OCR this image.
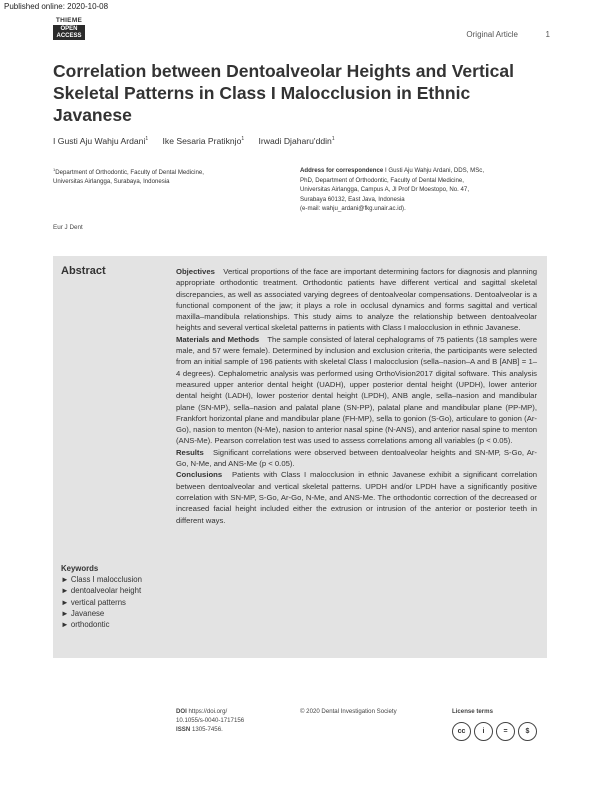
Published online: 2020-10-08
THIEME
OPEN
ACCESS	Original Article	1
Correlation between Dentoalveolar Heights and Vertical Skeletal Patterns in Class I Malocclusion in Ethnic Javanese
I Gusti Aju Wahju Ardani$^1$ Ike Sesaria Pratiknjo$^1$ Irwadi Djaharu'ddin$^1$
$^1$Department of Orthodontic, Faculty of Dental Medicine,
Universitas Airlangga, Surabaya, Indonesia
Address for correspondence I Gusti Aju Wahju Ardani, DDS, MSc,
PhD, Department of Orthodontic, Faculty of Dental Medicine,
Universitas Airlangga, Campus A, Jl Prof Dr Moestopo, No. 47,
Surabaya 60132, East Java, Indonesia
(e-mail: wahju_ardani@fkg.unair.ac.id).
Eur J Dent
Abstract
Keywords
► Class I malocclusion
► dentoalveolar height
► vertical patterns
► Javanese
► orthodontic

Objectives Vertical proportions of the face are important determining factors for diagnosis and planning appropriate orthodontic treatment. Orthodontic patients have different vertical and sagittal skeletal discrepancies, as well as associated varying degrees of dentoalveolar compensations. Dentoalveolar is a functional component of the jaw; it plays a role in occlusal dynamics and forms sagittal and vertical maxilla–mandibula relationships. This study aims to analyze the relationship between dentoalveolar heights and several vertical skeletal patterns in patients with Class I malocclusion in ethnic Javanese.

Materials and Methods The sample consisted of lateral cephalograms of 75 patients (18 samples were male, and 57 were female). Determined by inclusion and exclusion criteria, the participants were selected from an initial sample of 196 patients with skeletal Class I malocclusion (sella–nasion–A and B [ANB] = 1–4 degrees). Cephalometric analysis was performed using OrthoVision2017 digital software. This analysis measured upper anterior dental height (UADH), upper posterior dental height (UPDH), lower anterior dental height (LADH), lower posterior dental height (LPDH), ANB angle, sella–nasion and mandibular plane (SN-MP), sella–nasion and palatal plane (SN-PP), palatal plane and mandibular plane (PP-MP), Frankfort horizontal plane and mandibular plane (FH-MP), sella to gonion (S-Go), articulare to gonion (Ar-Go), nasion to menton (N-Me), nasion to anterior nasal spine (N-ANS), and anterior nasal spine to menton (ANS-Me). Pearson correlation test was used to assess correlations among all variables (p < 0.05).

Results Significant correlations were observed between dentoalveolar heights and SN-MP, S-Go, Ar-Go, N-Me, and ANS-Me (p < 0.05).

Conclusions Patients with Class I malocclusion in ethnic Javanese exhibit a significant correlation between dentoalveolar and vertical skeletal patterns. UPDH and/or LPDH have a significantly positive correlation with SN-MP, S-Go, Ar-Go, N-Me, and ANS-Me. The orthodontic correction of the decreased or increased facial height included either the extrusion or intrusion of the anterior or posterior teeth in different ways.

DOI https://doi.org/
10.1055/s-0040-1717156
ISSN 1305-7456.
© 2020 Dental Investigation Society	License terms
cc	i	=	$
